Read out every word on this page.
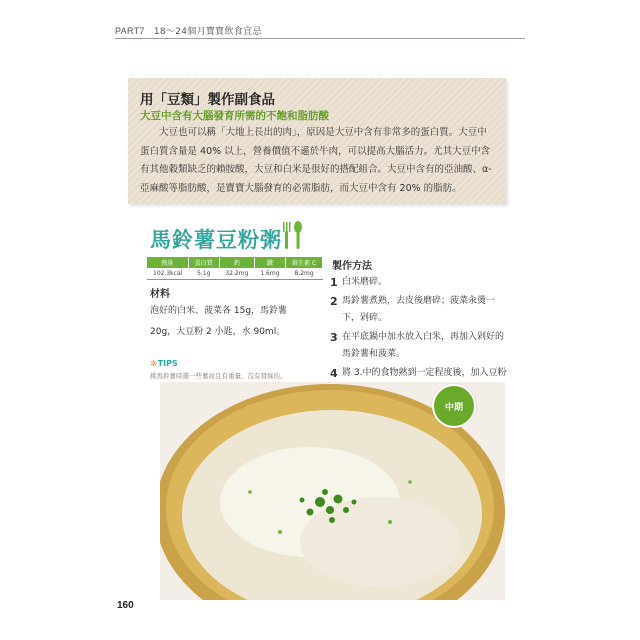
PART7 18～24個月寶寶飲食宜忌
用「豆類」製作副食品
大豆中含有大腦發育所需的不飽和脂肪酸
大豆也可以稱「大地上長出的肉」，原因是大豆中含有非常多的蛋白質。大豆中蛋白質含量是 40% 以上，營養價值不遜於牛肉，可以提高大腦活力。尤其大豆中含有其他穀類缺乏的賴胺酸，大豆和白米是很好的搭配組合。大豆中含有的亞油酸、α-亞麻酸等脂肪酸，是寶寶大腦發育的必需脂肪，而大豆中含有 20% 的脂肪。
馬鈴薯豆粉粥
熱量	蛋白質	鈣	鐵	維生素 C
102.3kcal	5.1g	32.2mg	1.6mg	8.2mg
材料
泡好的白米、菠菜各 15g，馬鈴薯 20g，大豆粉 2 小匙，水 90ml。
✲TIPS
挑馬鈴薯時選一些薯而且有重量，沒有發綠的。
製作方法
1 白米磨碎。
2 馬鈴薯煮熟，去皮後磨碎；菠菜汆燙一下，剁碎。
3 在平底鍋中加水放入白米，再加入剁好的馬鈴薯和菠菜。
4 將 3.中的食物熟到一定程度後，加入豆粉
中期
160
